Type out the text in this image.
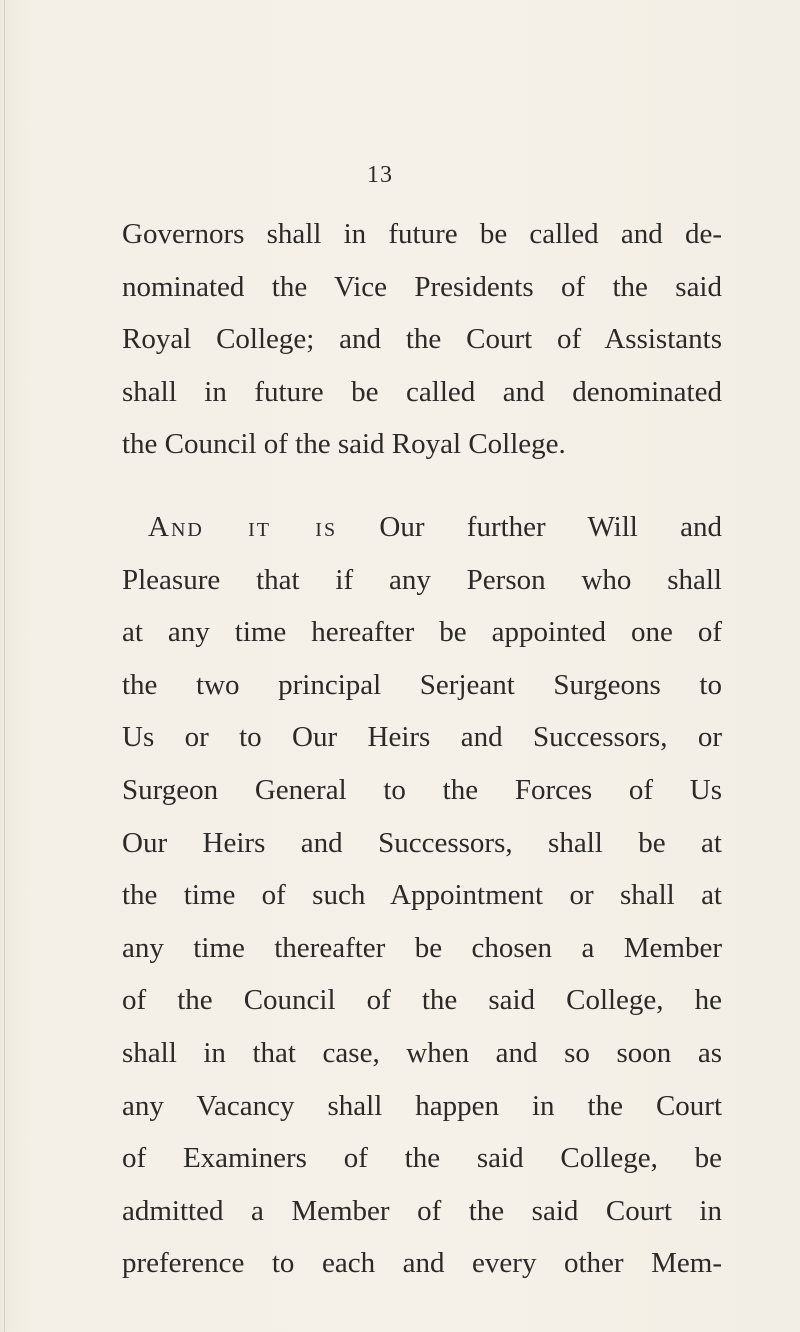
13
Governors shall in future be called and de-
nominated the Vice Presidents of the said
Royal College; and the Court of Assistants
shall in future be called and denominated
the Council of the said Royal College.
And it is Our further Will and
Pleasure that if any Person who shall
at any time hereafter be appointed one of
the two principal Serjeant Surgeons to
Us or to Our Heirs and Successors, or
Surgeon General to the Forces of Us
Our Heirs and Successors, shall be at
the time of such Appointment or shall at
any time thereafter be chosen a Member
of the Council of the said College, he
shall in that case, when and so soon as
any Vacancy shall happen in the Court
of Examiners of the said College, be
admitted a Member of the said Court in
preference to each and every other Mem-
